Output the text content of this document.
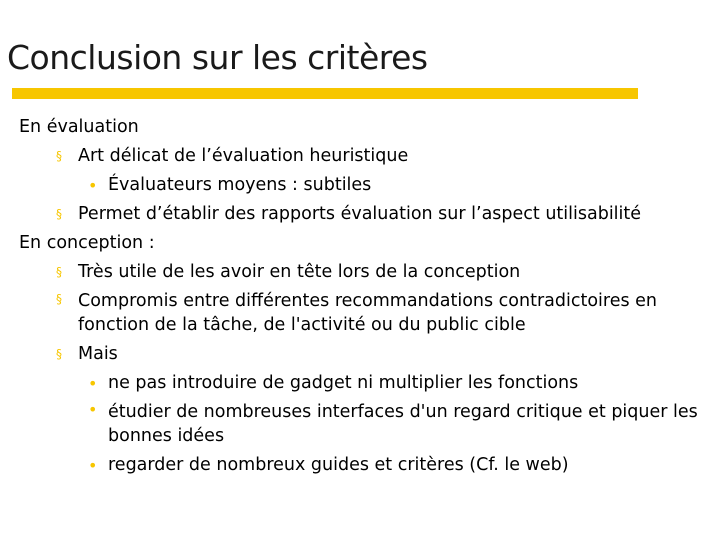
Conclusion sur les critères
En évaluation
§ Art délicat de l’évaluation heuristique
• Évaluateurs moyens : subtiles
§ Permet d’établir des rapports évaluation sur l’aspect utilisabilité
En conception :
§ Très utile de les avoir en tête lors de la conception
§ Compromis entre différentes recommandations contradictoires en fonction de la tâche, de l'activité ou du public cible
§ Mais
• ne pas introduire de gadget ni multiplier les fonctions
• étudier de nombreuses interfaces d'un regard critique et piquer les bonnes idées
• regarder de nombreux guides et critères (Cf. le web)
